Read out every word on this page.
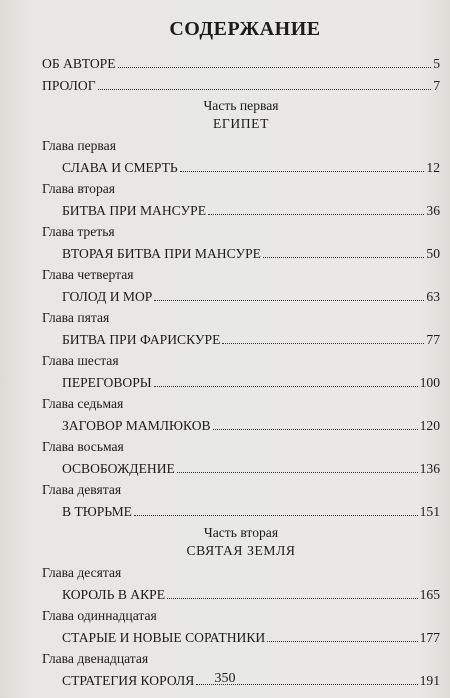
СОДЕРЖАНИЕ
ОБ АВТОРЕ	5
ПРОЛОГ	7
Часть первая
ЕГИПЕТ
Глава первая
СЛАВА И СМЕРТЬ	12
Глава вторая
БИТВА ПРИ МАНСУРЕ	36
Глава третья
ВТОРАЯ БИТВА ПРИ МАНСУРЕ	50
Глава четвертая
ГОЛОД И МОР	63
Глава пятая
БИТВА ПРИ ФАРИСКУРЕ	77
Глава шестая
ПЕРЕГОВОРЫ	100
Глава седьмая
ЗАГОВОР МАМЛЮКОВ	120
Глава восьмая
ОСВОБОЖДЕНИЕ	136
Глава девятая
В ТЮРЬМЕ	151
Часть вторая
СВЯТАЯ ЗЕМЛЯ
Глава десятая
КОРОЛЬ В АКРЕ	165
Глава одиннадцатая
СТАРЫЕ И НОВЫЕ СОРАТНИКИ	177
Глава двенадцатая
СТРАТЕГИЯ КОРОЛЯ	191
350
